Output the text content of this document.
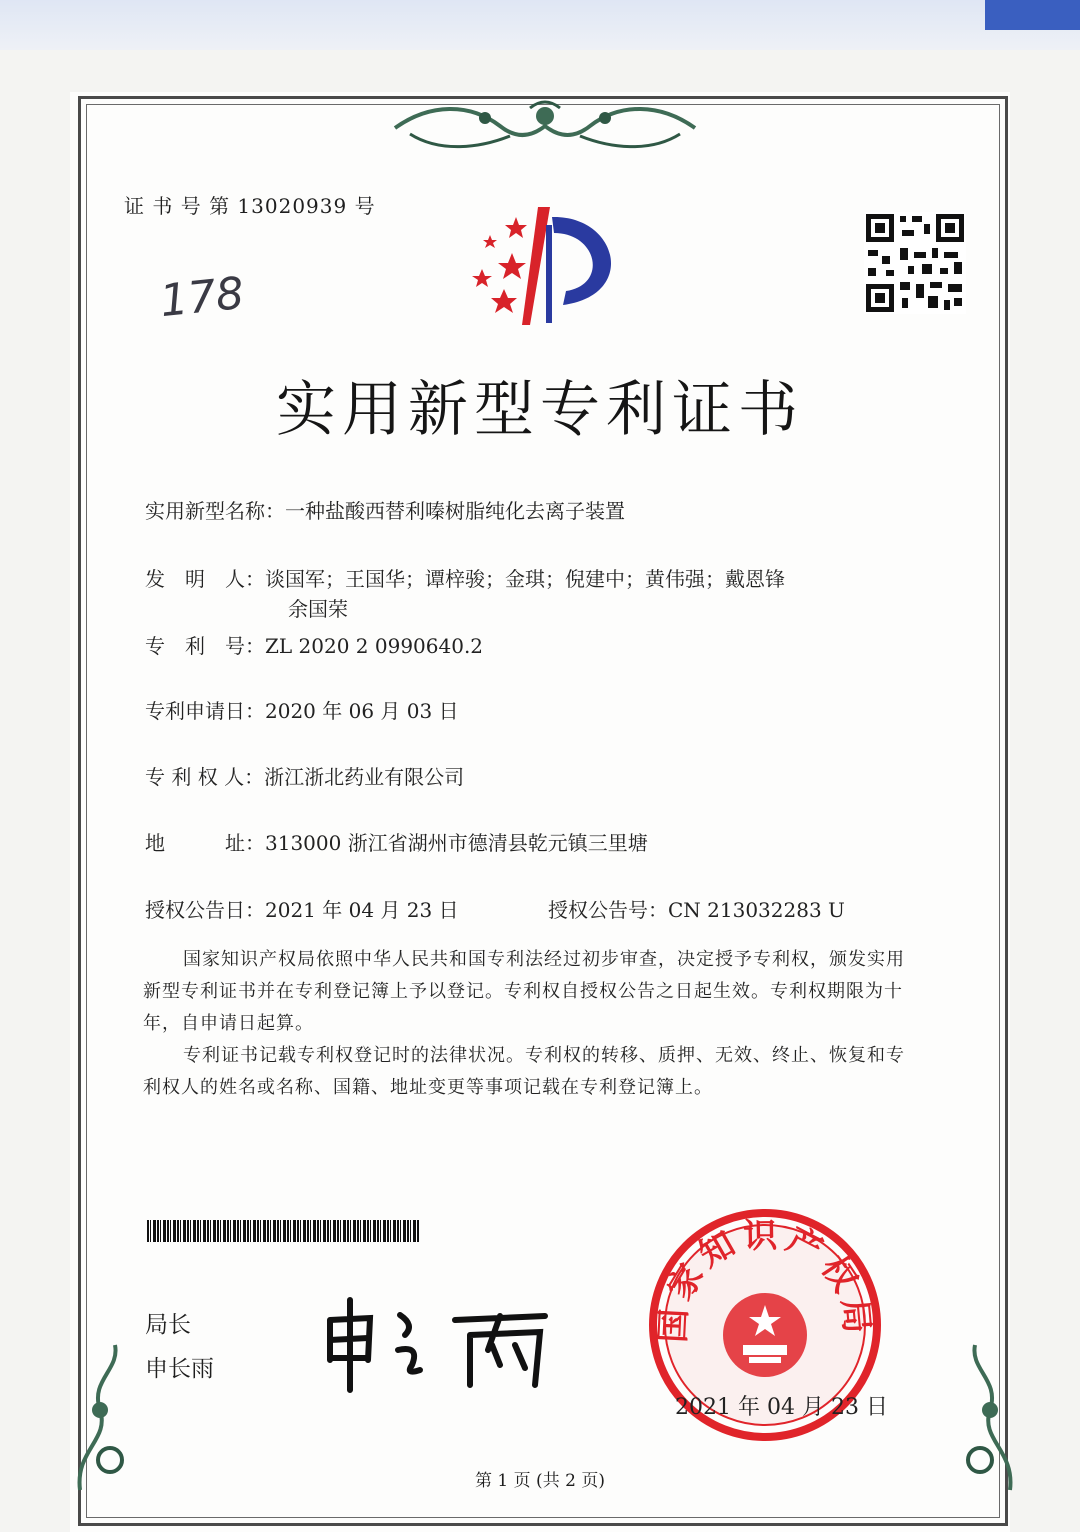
证 书 号 第 13020939 号
178
实用新型专利证书
实用新型名称：一种盐酸西替利嗪树脂纯化去离子装置
发　明　人：谈国军；王国华；谭梓骏；金琪；倪建中；黄伟强；戴恩锋
余国荣
专　利　号：ZL 2020 2 0990640.2
专利申请日：2020 年 06 月 03 日
专 利 权 人：浙江浙北药业有限公司
地　　　址：313000 浙江省湖州市德清县乾元镇三里塘
授权公告日：2021 年 04 月 23 日	授权公告号：CN 213032283 U
国家知识产权局依照中华人民共和国专利法经过初步审查，决定授予专利权，颁发实用
新型专利证书并在专利登记簿上予以登记。专利权自授权公告之日起生效。专利权期限为十
年，自申请日起算。
专利证书记载专利权登记时的法律状况。专利权的转移、质押、无效、终止、恢复和专
利权人的姓名或名称、国籍、地址变更等事项记载在专利登记簿上。
局长
申长雨
国家知识产权局
2021 年 04 月 23 日
第 1 页 (共 2 页)
